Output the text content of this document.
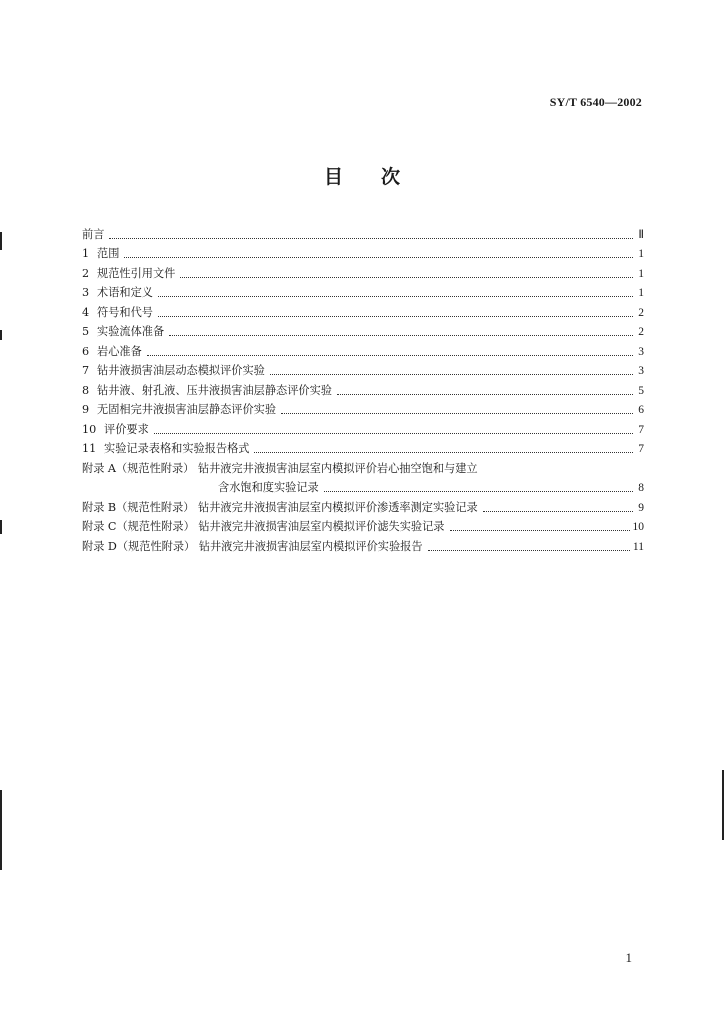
SY/T 6540—2002
目 次
前言	Ⅱ
1 范围	1
2 规范性引用文件	1
3 术语和定义	1
4 符号和代号	2
5 实验流体准备	2
6 岩心准备	3
7 钻井液损害油层动态模拟评价实验	3
8 钻井液、射孔液、压井液损害油层静态评价实验	5
9 无固相完井液损害油层静态评价实验	6
10 评价要求	7
11 实验记录表格和实验报告格式	7
附录 A（规范性附录） 钻井液完井液损害油层室内模拟评价岩心抽空饱和与建立
含水饱和度实验记录	8
附录 B（规范性附录） 钻井液完井液损害油层室内模拟评价渗透率测定实验记录	9
附录 C（规范性附录） 钻井液完井液损害油层室内模拟评价滤失实验记录	10
附录 D（规范性附录） 钻井液完井液损害油层室内模拟评价实验报告	11
1
